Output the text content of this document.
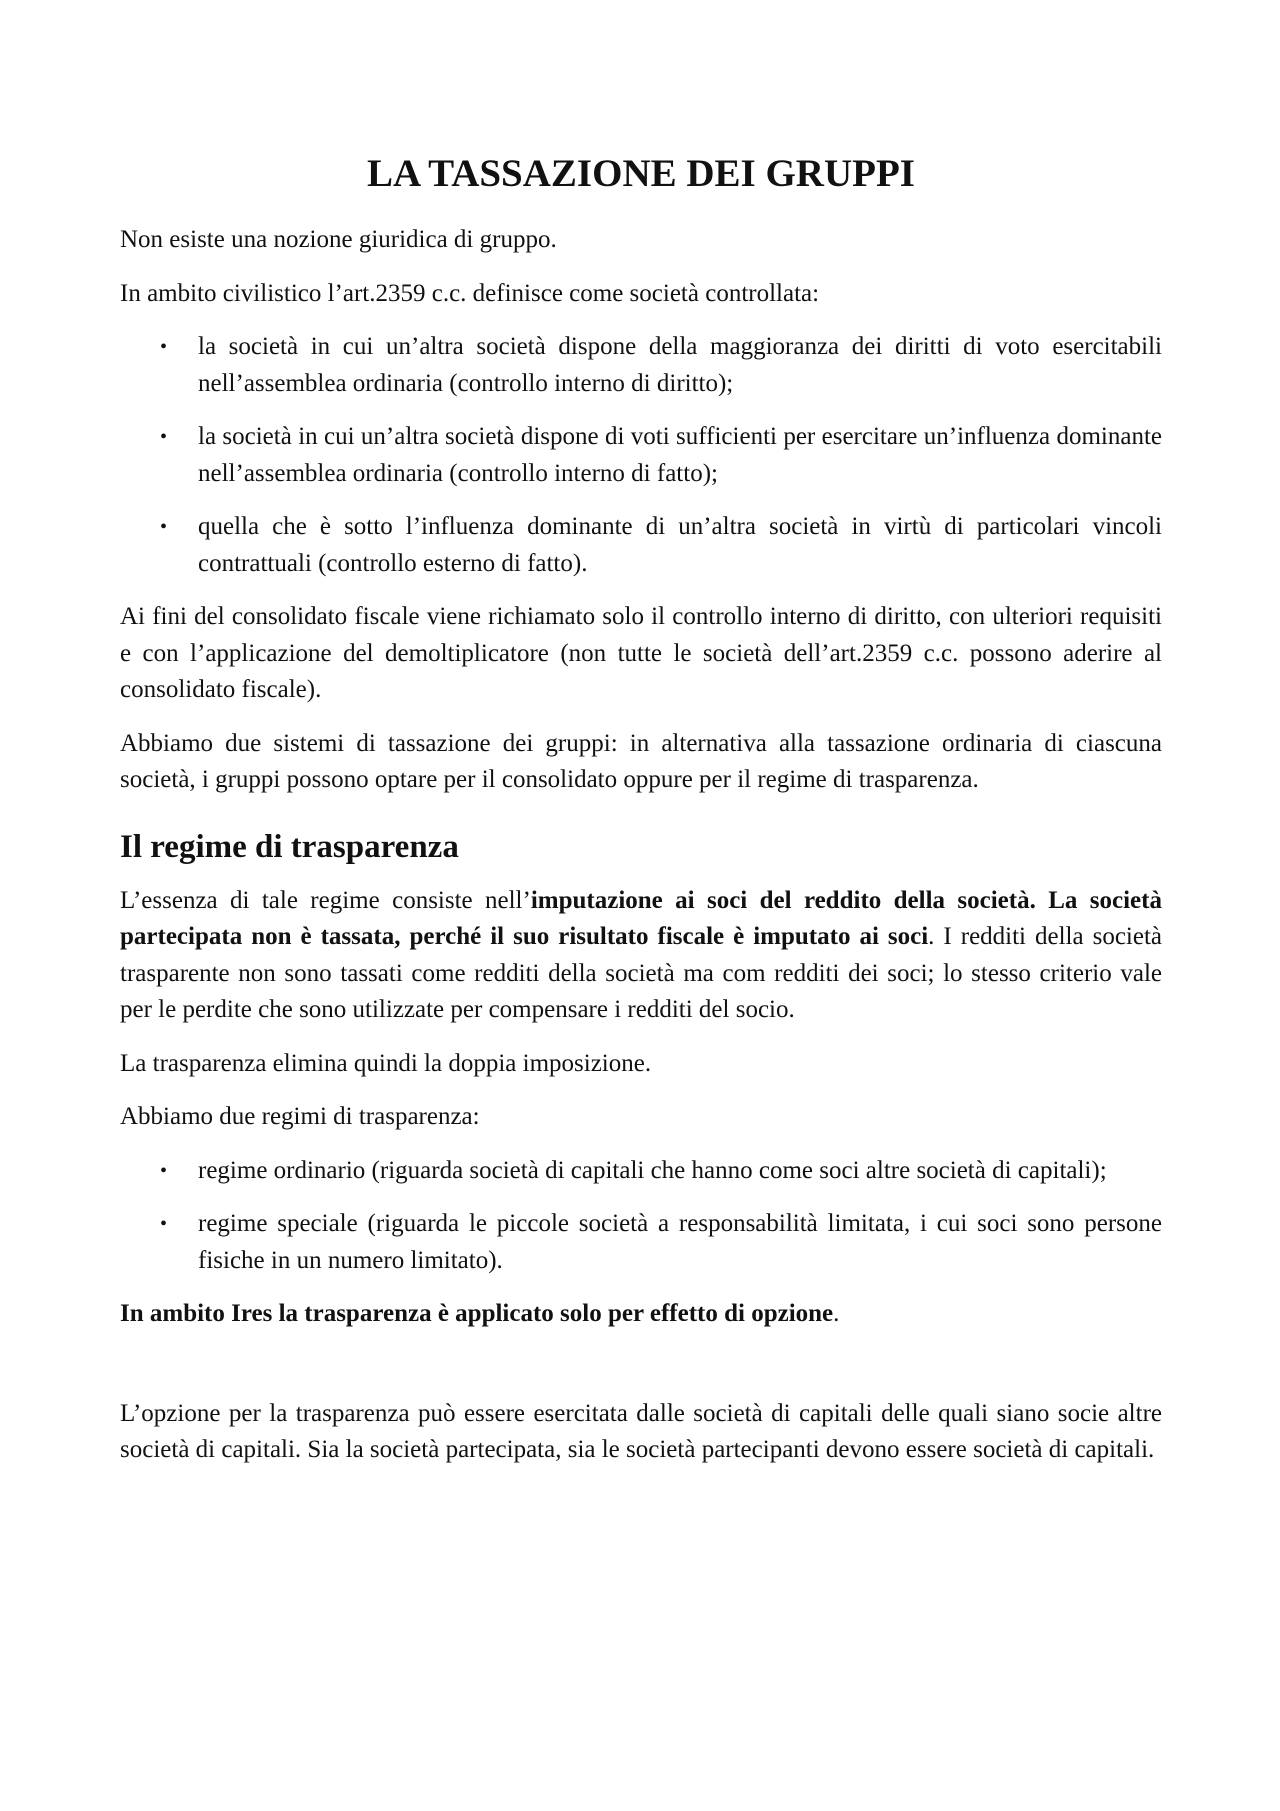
LA TASSAZIONE DEI GRUPPI

Non esiste una nozione giuridica di gruppo.

In ambito civilistico l’art.2359 c.c. definisce come società controllata:

• la società in cui un’altra società dispone della maggioranza dei diritti di voto esercitabili nell’assemblea ordinaria (controllo interno di diritto);
• la società in cui un’altra società dispone di voti sufficienti per esercitare un’influenza dominante nell’assemblea ordinaria (controllo interno di fatto);
• quella che è sotto l’influenza dominante di un’altra società in virtù di particolari vincoli contrattuali (controllo esterno di fatto).

Ai fini del consolidato fiscale viene richiamato solo il controllo interno di diritto, con ulteriori requisiti e con l’applicazione del demoltiplicatore (non tutte le società dell’art.2359 c.c. possono aderire al consolidato fiscale).

Abbiamo due sistemi di tassazione dei gruppi: in alternativa alla tassazione ordinaria di ciascuna società, i gruppi possono optare per il consolidato oppure per il regime di trasparenza.

Il regime di trasparenza

L’essenza di tale regime consiste nell’imputazione ai soci del reddito della società. La società partecipata non è tassata, perché il suo risultato fiscale è imputato ai soci. I redditi della società trasparente non sono tassati come redditi della società ma com redditi dei soci; lo stesso criterio vale per le perdite che sono utilizzate per compensare i redditi del socio.

La trasparenza elimina quindi la doppia imposizione.

Abbiamo due regimi di trasparenza:

• regime ordinario (riguarda società di capitali che hanno come soci altre società di capitali);
• regime speciale (riguarda le piccole società a responsabilità limitata, i cui soci sono persone fisiche in un numero limitato).

In ambito Ires la trasparenza è applicato solo per effetto di opzione.

L’opzione per la trasparenza può essere esercitata dalle società di capitali delle quali siano socie altre società di capitali. Sia la società partecipata, sia le società partecipanti devono essere società di capitali.
